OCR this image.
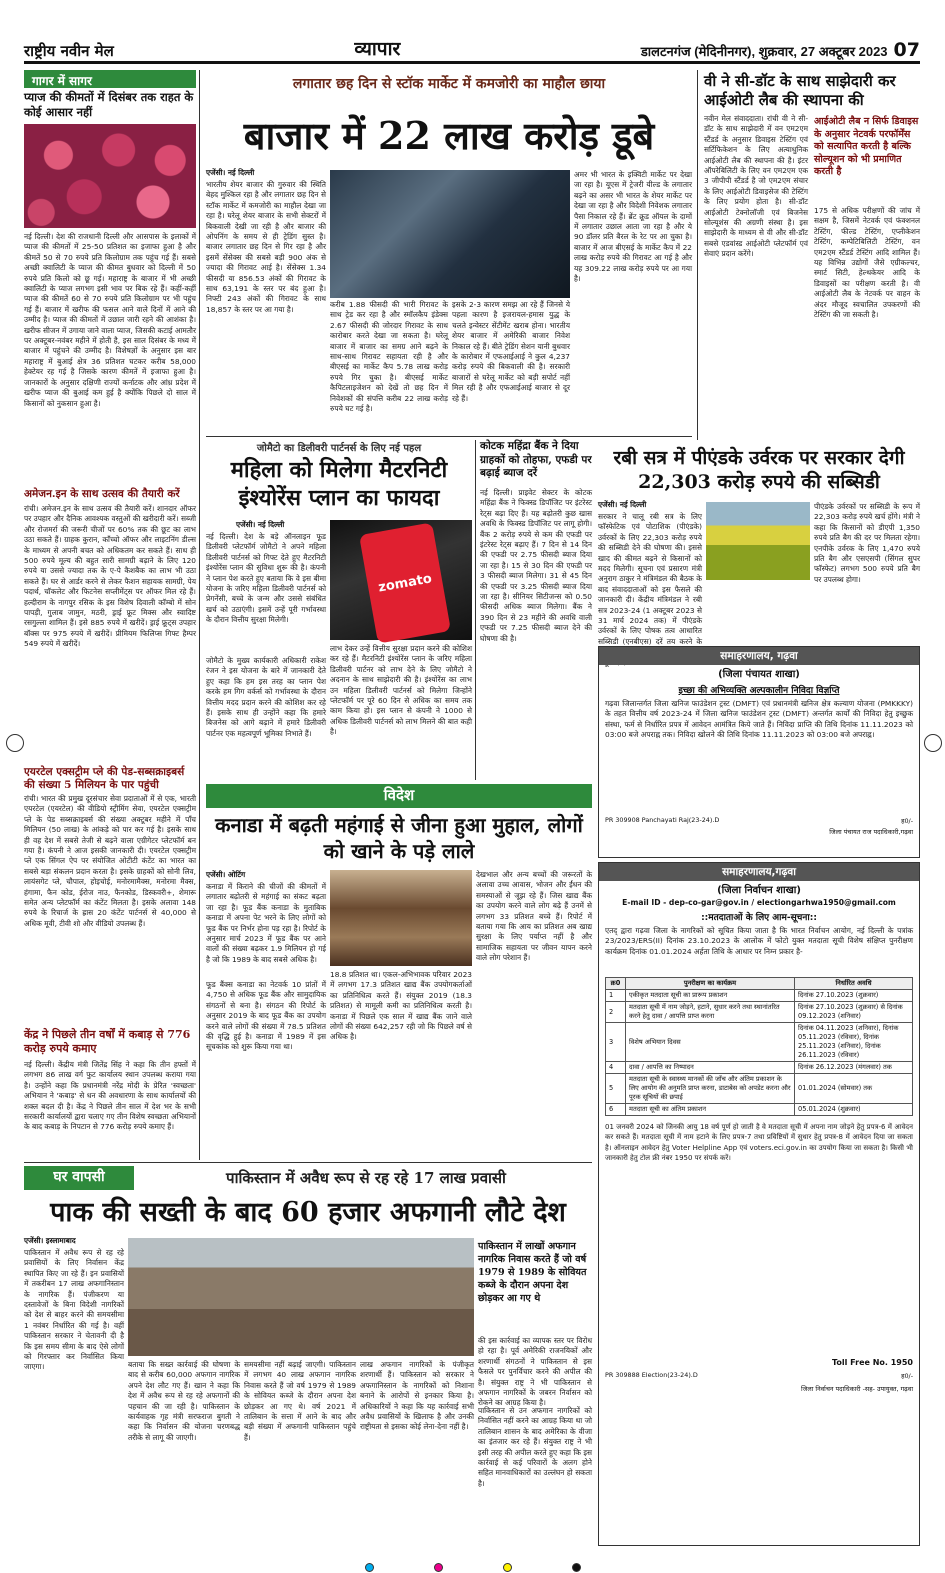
राष्ट्रीय नवीन मेल	व्यापार	डालटनगंज (मेदिनीनगर), शुक्रवार, 27 अक्टूबर 2023 07
गागर में सागर
प्याज की कीमतों में दिसंबर तक राहत के कोई आसार नहीं
नई दिल्ली। देश की राजधानी दिल्ली और आसपास के इलाकों में प्याज की कीमतों में 25-50 प्रतिशत का इजाफा हुआ है और कीमतें 50 से 70 रुपये प्रति किलोग्राम तक पहुंच गई हैं। सबसे अच्छी क्वालिटी के प्याज की कीमत बुधवार को दिल्ली में 50 रुपये प्रति किलो को छू गई। महाराष्ट्र के बाजार में भी अच्छी क्वालिटी के प्याज लगभग इसी भाव पर बिक रहे हैं। कहीं-कहीं प्याज की कीमतें 60 से 70 रुपये प्रति किलोग्राम पर भी पहुंच गई हैं। बाजार में खरीफ की फसल आने वाले दिनों में आने की उम्मीद है। प्याज की कीमतों में उछाल जारी रहने की आशंका है। खरीफ सीजन में उगाया जाने वाला प्याज, जिसकी कटाई आमतौर पर अक्टूबर-नवंबर महीने में होती है, इस साल दिसंबर के मध्य में बाजार में पहुंचने की उम्मीद है। विशेषज्ञों के अनुसार इस बार महाराष्ट्र में बुआई क्षेत्र 36 प्रतिशत घटकर करीब 58,000 हेक्टेयर रह गई है जिसके कारण कीमतें में इजाफा हुआ है। जानकारों के अनुसार दक्षिणी राज्यों कर्नाटक और आंध्र प्रदेश में खरीफ प्याज की बुआई कम हुई है क्योंकि पिछले दो साल में किसानों को नुकसान हुआ है।
अमेजन.इन के साथ उत्सव की तैयारी करें
रांची। अमेजन.इन के साथ उत्सव की तैयारी करें। शानदार ऑफर पर उपहार और दैनिक आवश्यक वस्तुओं की खरीदारी करें। सब्जी और रोजमर्रा की जरूरी चीजों पर 60% तक की छूट का लाभ उठा सकते हैं। ग्राहक कुरान, काँच्चो ऑफर और लाइटनिंग डील्स के माध्यम से अपनी बचत को अधिकतम कर सकते हैं। साथ ही 500 रुपये मूल्य की बहुत सारी सामग्री बढ़ाने के लिए 120 रुपये या उससे ज्यादा तक के ए-पे कैशबैक का लाभ भी उठा सकते हैं। घर से आर्डर करने से लेकर फैशन सहायक सामग्री, पेय पदार्थ, चॉकलेट और फिटनेस सप्लीमेंट्स पर ऑफर मिल रहे हैं। हल्दीराम के नागपुर रसिक के इस विशेष दिवाली कॉम्बो में सोन पापड़ी, गुलाब जामुन, मठरी, ड्राई फ्रूट मिक्स और स्वादिष्ट रसगुल्ला शामिल हैं। इसे 885 रुपये में खरीदें। ड्राई फ्रूट्स उपहार बॉक्स पर 975 रुपये में खरीदें। प्रीमियम फिलिप्स गिफ्ट हैम्पर 549 रुपये में खरीदें।
एयरटेल एक्सट्रीम प्ले की पेड-सब्सक्राइबर्स की संख्या 5 मिलियन के पार पहुंची
रांची। भारत की प्रमुख दूरसंचार सेवा प्रदाताओं में से एक, भारती एयरटेल (एयरटेल) की वीडियो स्ट्रीमिंग सेवा, एयरटेल एक्सट्रीम प्ले के पेड सब्सक्राइबर्स की संख्या अक्टूबर महीने में पाँच मिलियन (50 लाख) के आंकड़े को पार कर गई है। इसके साथ ही वह देश में सबसे तेजी से बढ़ने वाला एग्रीगेटर प्लेटफॉर्म बन गया है। कंपनी ने आज इसकी जानकारी दी। एयरटेल एक्सट्रीम प्ले एक सिंगल ऐप पर संयोजित ओटीटी कंटेंट का भारत का सबसे बड़ा संकलन प्रदान करता है। इसके ग्राहकों को सोनी लिव, लायंसगेट प्ले, चौपाल, होइचोई, मनोरमामैक्स, मनोरमा मैक्स, हंगामा, फैन कोड, ईरोज नाउ, फैनकोड, डिस्कवरी+, शेमारू समेत अन्य प्लेटफॉर्म का कंटेंट मिलता है। इसके अलावा 148 रुपये के रिचार्ज के ह्रास 20 कंटेंट पार्टनर्स से 40,000 से अधिक मूवी, टीवी शो और वीडियो उपलब्ध हैं।
केंद्र ने पिछले तीन वर्षों में कबाड़ से 776 करोड़ रुपये कमाए
नई दिल्ली। केंद्रीय मंत्री जितेंद्र सिंह ने कहा कि तीन हफ्तों में लगभग 86 लाख वर्ग फुट कार्यालय स्थान उपलब्ध कराया गया है। उन्होंने कहा कि प्रधानमंत्री नरेंद्र मोदी के प्रेरित 'स्वच्छता' अभियान ने 'कबाड़' से धन की अवधारणा के साथ कार्यालयों की शक्ल बदल दी है। केंद्र ने पिछले तीन साल में देश भर के सभी सरकारी कार्यालयों द्वारा चलाए गए तीन विशेष स्वच्छता अभियानों के बाद कबाड़ के निपटान से 776 करोड़ रुपये कमाए हैं।
लगातार छह दिन से स्टॉक मार्केट में कमजोरी का माहौल छाया
बाजार में 22 लाख करोड़ डूबे
एजेंसी। नई दिल्ली
भारतीय शेयर बाजार की गुरुवार की स्थिति बेहद मुश्किल रहा है और लगातार छह दिन से स्टॉक मार्केट में कमजोरी का माहौल देखा जा रहा है। घरेलू शेयर बाजार के सभी सेक्टरों में बिकवाली देखी जा रही है और बाजार की ओपनिंग के समय से ही ट्रेडिंग सुस्त है। बाजार लगातार छह दिन से गिर रहा है और इसमें सेंसेक्स की सबसे बड़ी 900 अंक से ज्यादा की गिरावट आई है। सेंसेक्स 1.34 फीसदी या 856.53 अंकों की गिरावट के साथ 63,191 के स्तर पर बंद हुआ है। निफ्टी 243 अंकों की गिरावट के साथ 18,857 के स्तर पर आ गया है।
करीब 1.88 फीसदी की भारी गिरावट के साथ ट्रेड कर रहा है और स्मॉलकैप इंडेक्स 2.67 फीसदी की जोरदार गिरावट के साथ कारोबार करते देखा जा सकता है। घरेलू बाजार में बाजार का समग्र आने बढ़ने के साथ-साथ गिरावट सहायता रही है और बीएसई का मार्केट कैप 5.78 लाख करोड़ रुपये गिर चुका है। बीएसई मार्केट कैपिटलाइजेशन को देखें तो छह दिन में निवेशकों की संपत्ति करीब 22 लाख करोड़ रुपये घट गई है।
इसके 2-3 कारण समझ आ रहे हैं जिनसे ये पहला कारण है इजरायल-हमास युद्ध के चलते इन्वेस्टर सेंटीमेंट खराब होना। भारतीय शेयर बाजार में अमेरिकी बाजार निवेश निकाल रहे हैं। बीते ट्रेडिंग सेशन यानी बुधवार के कारोबार में एफआईआई ने कुल 4,237 करोड़ रुपये की बिकवाली की है। सरकारी बाजारों से घरेलू मार्केट को बड़ी सपोर्ट नहीं मिल रही है और एफआईआई बाजार से दूर रहे हैं।
अमर भी भारत के इक्विटी मार्केट पर देखा जा रहा है। यूएस में ट्रेजरी यील्ड के लगातार बढ़ने का असर भी भारत के शेयर मार्केट पर देखा जा रहा है और विदेशी निवेशक लगातार पैसा निकाल रहे हैं। ब्रेंट क्रूड ऑयल के दामों में लगातार उछाल आता जा रहा है और ये 90 डॉलर प्रति बैरल के रेट पर आ चुका है। बाजार में आज बीएसई के मार्केट कैप में 22 लाख करोड़ रुपये की गिरावट आ गई है और यह 309.22 लाख करोड़ रुपये पर आ गया है।
वी ने सी-डॉट के साथ साझेदारी कर आईओटी लैब की स्थापना की
नवीन मेल संवाददाता। रांची वी ने सी-डॉट के साथ साझेदारी में वन एम2एम स्टैंडर्ड के अनुसार डिवाइस टेस्टिंग एवं सर्टिफिकेशन के लिए अत्याधुनिक आईओटी लैब की स्थापना की है। इंटर ऑपरेबिलिटी के लिए वन एम2एम एक 3 जीपीपी स्टैंडर्ड है जो एम2एम संचार के लिए आईओटी डिवाइसेज की टेस्टिंग के लिए प्रयोग होता है। सी-डॉट आईओटी टेक्नोलॉजी एवं बिजनेस सोल्यूशंस की अग्रणी संस्था है। इस साझेदारी के माध्यम से वी और सी-डॉट सबसे एडवांस्ड आईओटी प्लेटफॉर्म एवं सेवाएं प्रदान करेंगे।
आईओटी लैब न सिर्फ डिवाइस के अनुसार नेटवर्क परफॉर्मेंस को सत्यापित करती है बल्कि सोल्यूशन को भी प्रमाणित करती है
175 से अधिक परीक्षणों की जांच में सक्षम है, जिसमें नेटवर्क एवं फंक्शनल टेस्टिंग, फील्ड टेस्टिंग, एप्लीकेशन टेस्टिंग, कम्पेटिबिलिटी टेस्टिंग, वन एम2एम स्टैंडर्ड टेस्टिंग आदि शामिल हैं। यह विभिन्न उद्योगों जैसे एग्रीकल्चर, स्मार्ट सिटी, हेल्थकेयर आदि के डिवाइसों का परीक्षण करती है। वी आईओटी लैब के नेटवर्क पर वाहन के अंदर मौजूद स्वचालित उपकरणों की टेस्टिंग की जा सकती है।
जोमैटो का डिलीवरी पार्टनर्स के लिए नई पहल
महिला को मिलेगा मैटरनिटी इंश्योरेंस प्लान का फायदा
एजेंसी। नई दिल्ली
नई दिल्ली। देश के बड़े ऑनलाइन फूड डिलीवरी प्लेटफॉर्म जोमैटो ने अपने महिला डिलीवरी पार्टनर्स को गिफ्ट देते हुए मैटरनिटी इंश्योरेंस प्लान की सुविधा शुरू की है। कंपनी ने प्लान पेश करते हुए बताया कि वे इस बीमा योजना के जरिए महिला डिलीवरी पार्टनर्स को प्रेगनेंसी, बच्चे के जन्म और उससे संबंधित खर्च को उठाएंगी। इसमें उन्हें पूरी गर्भावस्था के दौरान वित्तीय सुरक्षा मिलेगी।
zomato
जोमैटो के मुख्य कार्यकारी अधिकारी राकेश रंजन ने इस योजना के बारे में जानकारी देते हुए कहा कि हम इस तरह का प्लान पेश करके हम गिग वर्कर्स को गर्भावस्था के दौरान वित्तीय मदद प्रदान करने की कोशिश कर रहे हैं। इसके साथ ही उन्होंने कहा कि हमारे बिजनेस को आगे बढ़ाने में हमारे डिलीवरी पार्टनर एक महत्वपूर्ण भूमिका निभाते हैं।
लाभ देकर उन्हें वित्तीय सुरक्षा प्रदान करने की कोशिश कर रहे हैं। मैटरनिटी इंश्योरेंस प्लान के जरिए महिला डिलीवरी पार्टनर को लाभ देने के लिए जोमैटो ने अदनान के साथ साझेदारी की है। इंश्योरेंस का लाभ उन महिला डिलीवरी पार्टनर्स को मिलेगा जिन्होंने प्लेटफॉर्म पर पूरे 60 दिन से अधिक का समय तक काम किया हो। इस प्लान से कंपनी ने 1000 से अधिक डिलीवरी पार्टनर्स को लाभ मिलने की बात कही है।
कोटक महिंद्रा बैंक ने दिया ग्राहकों को तोहफा, एफडी पर बढ़ाई ब्याज दरें
नई दिल्ली। प्राइवेट सेक्टर के कोटक महिंद्रा बैंक ने फिक्स्ड डिपॉजिट पर इंटरेस्ट रेट्स बढ़ा दिए हैं। यह बढ़ोतरी कुछ खास अवधि के फिक्स्ड डिपॉजिट पर लागू होगी। बैंक 2 करोड़ रुपये से कम की एफडी पर इंटरेस्ट रेट्स बढ़ाए हैं। 7 दिन से 14 दिन की एफडी पर 2.75 फीसदी ब्याज दिया जा रहा है। 15 से 30 दिन की एफडी पर 3 फीसदी ब्याज मिलेगा। 31 से 45 दिन की एफडी पर 3.25 फीसदी ब्याज दिया जा रहा है। सीनियर सिटीजन्स को 0.50 फीसदी अधिक ब्याज मिलेगा। बैंक ने 390 दिन से 23 महीने की अवधि वाली एफडी पर 7.25 फीसदी ब्याज देने की घोषणा की है।
रबी सत्र में पीएंडके उर्वरक पर सरकार देगी 22,303 करोड़ रुपये की सब्सिडी
एजेंसी। नई दिल्ली
सरकार ने चालू रबी सत्र के लिए फॉस्फेटिक एवं पोटाशिक (पीएंडके) उर्वरकों के लिए 22,303 करोड़ रुपये की सब्सिडी देने की घोषणा की। इससे खाद की कीमत बढ़ने से किसानों को मदद मिलेगी। सूचना एवं प्रसारण मंत्री अनुराग ठाकुर ने मंत्रिमंडल की बैठक के बाद संवाददाताओं को इस फैसले की जानकारी दी। केंद्रीय मंत्रिमंडल ने रबी सत्र 2023-24 (1 अक्टूबर 2023 से 31 मार्च 2024 तक) में पीएंडके उर्वरकों के लिए पोषक तत्व आधारित सब्सिडी (एनबीएस) दरें तय करने के
पीएंडके उर्वरकों पर सब्सिडी के रूप में 22,303 करोड़ रुपये खर्च होंगे। मंत्री ने कहा कि किसानों को डीएपी 1,350 रुपये प्रति बैग की दर पर मिलता रहेगा। एनपीके उर्वरक के लिए 1,470 रुपये प्रति बैग और एसएसपी (सिंगल सुपर फॉस्फेट) लगभग 500 रुपये प्रति बैग पर उपलब्ध होगा।
समाहरणालय, गढ़वा
(जिला पंचायत शाखा)
इच्छा की अभिव्यक्ति अल्पकालीन निविदा विज्ञप्ति
गढ़वा जिलान्तर्गत जिला खनिज फाउंडेशन ट्रस्ट (DMFT) एवं प्रधानमंत्री खनिज क्षेत्र कल्याण योजना (PMKKKY) के तहत वित्तीय वर्ष 2023-24 में जिला खनिज फाउंडेशन ट्रस्ट (DMFT) अन्तर्गत कार्यों की निविदा हेतु इच्छुक संस्था, फर्म से निर्धारित प्रपत्र में आवेदन आमंत्रित किये जाते हैं। निविदा प्राप्ति की तिथि दिनांक 11.11.2023 को 03:00 बजे अपराह्न तक। निविदा खोलने की तिथि दिनांक 11.11.2023 को 03:00 बजे अपराह्न।
PR 309908 Panchayati Raj(23-24).D	ह0/-
जिला पंचायत राज पदाधिकारी,गढ़वा
विदेश
कनाडा में बढ़ती महंगाई से जीना हुआ मुहाल, लोगों को खाने के पड़े लाले
एजेंसी। ओटिंग
कनाडा में किराने की चीजों की कीमतों में लगातार बढ़ोतरी से महंगाई का संकट बढ़ता जा रहा है। फूड बैंक कनाडा के मुताबिक कनाडा में अपना पेट भरने के लिए लोगों को फूड बैंक पर निर्भर होना पड़ रहा है। रिपोर्ट के अनुसार मार्च 2023 में फूड बैंक पर आने वालों की संख्या बढ़कर 1.9 मिलियन हो गई है जो कि 1989 के बाद सबसे अधिक है।
फूड बैंक्स कनाडा का नेटवर्क 10 प्रांतों में 4,750 से अधिक फूड बैंक और सामुदायिक संगठनों से बना है। संगठन की रिपोर्ट के अनुसार 2019 के बाद फूड बैंक का उपयोग करने वाले लोगों की संख्या में 78.5 प्रतिशत की वृद्धि हुई है। कनाडा में 1989 में इस सूचकांक को शुरू किया गया था।
18.8 प्रतिशत था। एकल-अभिभावक परिवार 2023 में लगभग 17.3 प्रतिशत खाद्य बैंक उपयोगकर्ताओं का प्रतिनिधित्व करते हैं। संयुक्त 2019 (18.3 प्रतिशत) से मामूली कमी का प्रतिनिधित्व करती है। कनाडा में पिछले एक साल में खाद्य बैंक जाने वाले लोगों की संख्या 642,257 रही जो कि पिछले वर्ष से अधिक है।
देखभाल और अन्य बच्चों की जरूरतों के अलावा उच्च आवास, भोजन और ईंधन की समस्याओं से जूझ रहे हैं। जिस खाद्य बैंक का उपयोग करने वाले लोग बढ़े हैं उनमें से लगभग 33 प्रतिशत बच्चे हैं। रिपोर्ट में बताया गया कि आय का प्रतिशत अब खाद्य सुरक्षा के लिए पर्याप्त नहीं है और सामाजिक सहायता पर जीवन यापन करने वाले लोग परेशान हैं।
समाहरणालय,गढ़वा
(जिला निर्वाचन शाखा)
E-mail ID - dep-co-gar@gov.in / electiongarhwa1950@gmail.com
::मतदाताओं के लिए आम-सूचना::
एतद् द्वारा गढ़वा जिला के नागरिकों को सूचित किया जाता है कि भारत निर्वाचन आयोग, नई दिल्ली के पत्रांक 23/2023/ERS(II) दिनांक 23.10.2023 के आलोक में फोटो युक्त मतदाता सूची विशेष संक्षिप्त पुनरीक्षण कार्यक्रम दिनांक 01.01.2024 अर्हता तिथि के आधार पर निम्न प्रकार है-
क्र0	पुनरीक्षण का कार्यक्रम	निर्धारित अवधि
1	एकीकृत मतदाता सूची का प्रारूप प्रकाशन	दिनांक 27.10.2023 (शुक्रवार)
2	मतदाता सूची में नाम जोड़ने, हटाने, सुधार करने तथा स्थानांतरित करने हेतु दावा / आपत्ति प्राप्त करना	दिनांक 27.10.2023 (शुक्रवार) से दिनांक 09.12.2023 (शनिवार)
3	विशेष अभियान दिवस	दिनांक 04.11.2023 (शनिवार), दिनांक 05.11.2023 (रविवार), दिनांक 25.11.2023 (शनिवार), दिनांक 26.11.2023 (रविवार)
4	दावा / आपत्ति का निष्पादन	दिनांक 26.12.2023 (मंगलवार) तक
5	मतदाता सूची के स्वास्थ्य मानकों की जाँच और अंतिम प्रकाशन के लिए आयोग की अनुमति प्राप्त करना, डाटाबेस को अपडेट करना और पूरक सूचियों की छपाई	01.01.2024 (सोमवार) तक
6	मतदाता सूची का अंतिम प्रकाशन	05.01.2024 (शुक्रवार)
01 जनवरी 2024 को जिनकी आयु 18 वर्ष पूर्ण हो जाती है वे मतदाता सूची में अपना नाम जोड़ने हेतु प्रपत्र-6 में आवेदन कर सकते हैं। मतदाता सूची में नाम हटाने के लिए प्रपत्र-7 तथा प्रविष्टियों में सुधार हेतु प्रपत्र-8 में आवेदन दिया जा सकता है। ऑनलाइन आवेदन हेतु Voter Helpline App एवं voters.eci.gov.in का उपयोग किया जा सकता है। किसी भी जानकारी हेतु टोल फ्री नंबर 1950 पर संपर्क करें।
Toll Free No. 1950
PR 309888 Election(23-24).D	ह0/-
जिला निर्वाचन पदाधिकारी -सह- उपायुक्त, गढ़वा
घर वापसी	पाकिस्तान में अवैध रूप से रह रहे 17 लाख प्रवासी
पाक की सख्ती के बाद 60 हजार अफगानी लौटे देश
एजेंसी। इस्लामाबाद
पाकिस्तान में अवैध रूप से रह रहे प्रवासियों के लिए निर्वासन केंद्र स्थापित किए जा रहे हैं। इन प्रवासियों में तकरीबन 17 लाख अफगानिस्तान के नागरिक हैं। पंजीकरण या दस्तावेजों के बिना विदेशी नागरिकों को देश से बाहर करने की समयसीमा 1 नवंबर निर्धारित की गई है। वहीं पाकिस्तान सरकार ने चेतावनी दी है कि इस समय सीमा के बाद ऐसे लोगों को गिरफ्तार कर निर्वासित किया जाएगा।	बताया कि सख्त कार्रवाई की घोषणा के बाद से करीब 60,000 अफगान नागरिक अपने देश लौट गए हैं। खान ने कहा कि देश में अवैध रूप से रह रहे अफगानों की पहचान की जा रही है। पाकिस्तान के कार्यवाहक गृह मंत्री सरफराज बुगती ने कहा कि निर्वासन की योजना चरणबद्ध तरीके से लागू की जाएगी।
समयसीमा नहीं बढ़ाई जाएगी। पाकिस्तान में लगभग 40 लाख अफगान नागरिक निवास करते हैं जो वर्ष 1979 से 1989 के सोवियत कब्जे के दौरान अपना देश छोड़कर आ गए थे। वर्ष 2021 में तालिबान के सत्ता में आने के बाद और बड़ी संख्या में अफगानी पाकिस्तान पहुंचे हैं।
लाख अफगान नागरिकों के पंजीकृत शरणार्थी हैं। पाकिस्तान को सरकार ने अफगानिस्तान के नागरिकों को निशाना बनाने के आरोपों से इनकार किया है। अधिकारियों ने कहा कि यह कार्रवाई सभी अवैध प्रवासियों के खिलाफ है और उनकी राष्ट्रीयता से इसका कोई लेना-देना नहीं है।
पाकिस्तान में लाखों अफगान नागरिक निवास करते हैं जो वर्ष 1979 से 1989 के सोवियत कब्जे के दौरान अपना देश छोड़कर आ गए थे
की इस कार्रवाई का व्यापक स्तर पर विरोध हो रहा है। पूर्व अमेरिकी राजनयिकों और शरणार्थी संगठनों ने पाकिस्तान से इस फैसले पर पुनर्विचार करने की अपील की है। संयुक्त राष्ट्र ने भी पाकिस्तान से अफगान नागरिकों के जबरन निर्वासन को रोकने का आग्रह किया है।
पाकिस्तान से उन अफगान नागरिकों को निर्वासित नहीं करने का आग्रह किया था जो तालिबान शासन के बाद अमेरिका के वीजा का इंतजार कर रहे हैं। संयुक्त राष्ट्र ने भी इसी तरह की अपील करते हुए कहा कि इस कार्रवाई से कई परिवारों के अलग होने सहित मानवाधिकारों का उल्लंघन हो सकता है।
